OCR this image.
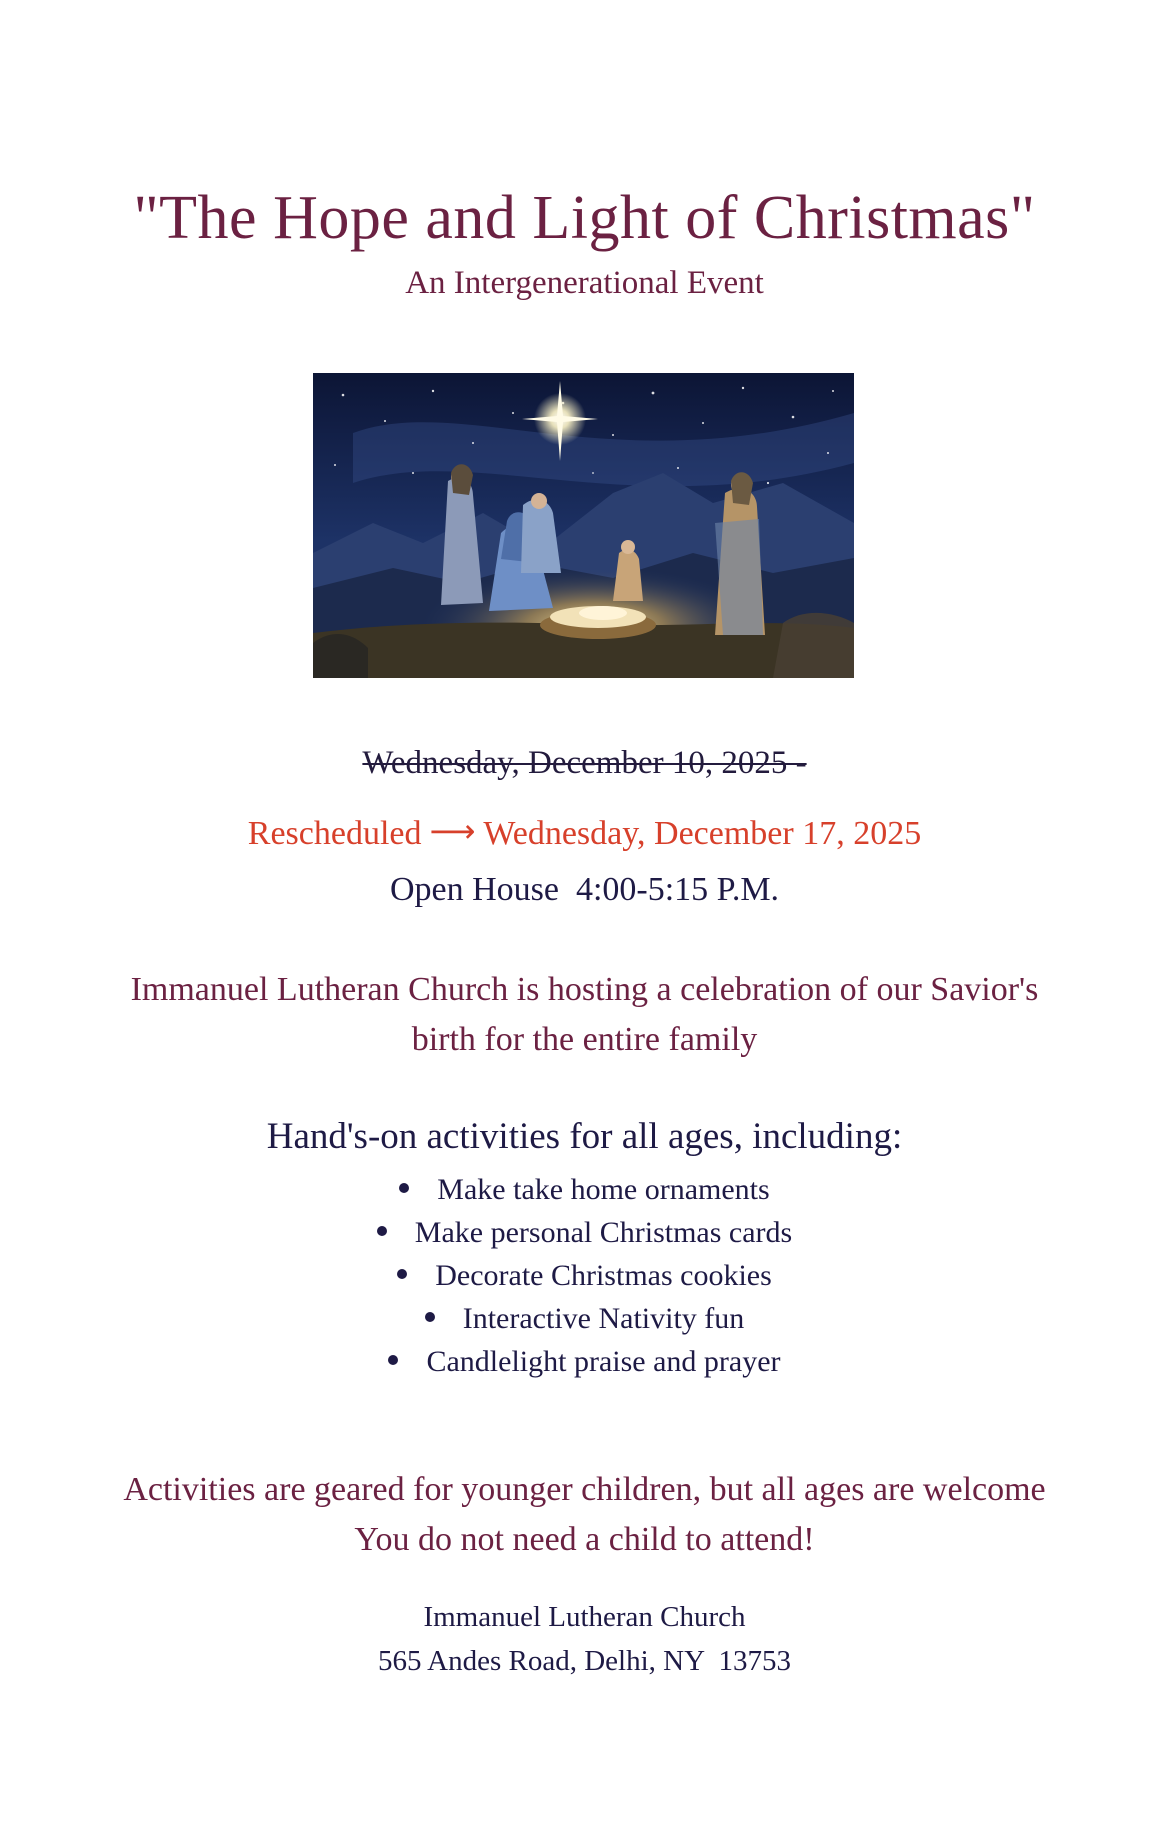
"The Hope and Light of Christmas"
An Intergenerational Event
Wednesday, December 10, 2025 -
Rescheduled ⟶ Wednesday, December 17, 2025
Open House  4:00-5:15 P.M.
Immanuel Lutheran Church is hosting a celebration of our Savior's
birth for the entire family
Hand's-on activities for all ages, including:
Make take home ornaments
Make personal Christmas cards
Decorate Christmas cookies
Interactive Nativity fun
Candlelight praise and prayer
Activities are geared for younger children, but all ages are welcome
You do not need a child to attend!
Immanuel Lutheran Church
565 Andes Road, Delhi, NY  13753
